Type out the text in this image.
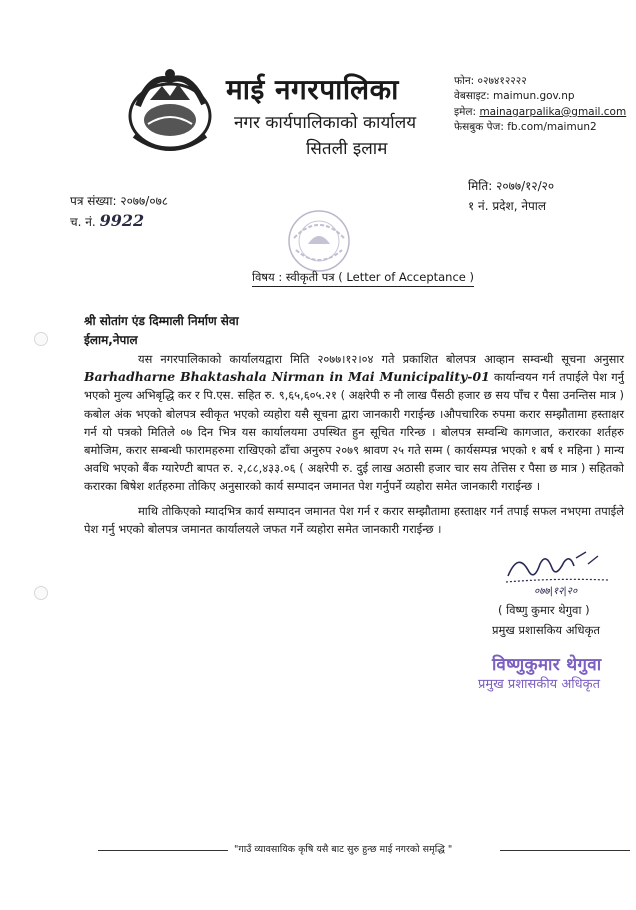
माई नगरपालिका
नगर कार्यपालिकाको कार्यालय
सितली इलाम
फोन: ०२७४१२२२२
वेबसाइट: maimun.gov.np
इमेल: mainagarpalika@gmail.com
फेसबुक पेज: fb.com/maimun2
पत्र संख्या: २०७७/०७८
च. नं. 9922
मिति: २०७७/१२/२०
१ नं. प्रदेश, नेपाल
विषय : स्वीकृती पत्र ( Letter of Acceptance )
श्री सोतांग एंड दिम्माली निर्माण सेवा
ईलाम,नेपाल

यस नगरपालिकाको कार्यालयद्वारा मिति २०७७।१२।०४ गते प्रकाशित बोलपत्र आव्हान सम्वन्धी सूचना अनुसार Barhadharne Bhaktashala Nirman in Mai Municipality-01 कार्यान्वयन गर्न तपाईले पेश गर्नु भएको मुल्य अभिबृद्धि कर र पि.एस. सहित रु. ९,६५,६०५.२१ ( अक्षरेपी रु नौ लाख पैंसठी हजार छ सय पाँच र पैसा उनन्तिस मात्र ) कबोल अंक भएको बोलपत्र स्वीकृत भएको व्यहोरा यसै सूचना द्वारा जानकारी गराईन्छ ।औपचारिक रुपमा करार सम्झौतामा हस्ताक्षर गर्न यो पत्रको मितिले ०७ दिन भित्र यस कार्यालयमा उपस्थित हुन सूचित गरिन्छ । बोलपत्र सम्वन्धि कागजात, करारका शर्तहरु बमोजिम, करार सम्बन्धी फारामहरुमा राखिएको ढाँचा अनुरुप २०७९ श्रावण २५ गते सम्म ( कार्यसम्पन्न भएको १ बर्ष १ महिना ) मान्य अवधि भएको बैंक ग्यारेण्टी बापत रु. २,८८,४३३.०६ ( अक्षरेपी रु. दुई लाख अठासी हजार चार सय तेत्तिस र पैसा छ मात्र ) सहितको करारका बिषेश शर्तहरुमा तोकिए अनुसारको कार्य सम्पादन जमानत पेश गर्नुपर्ने व्यहोरा समेत जानकारी गराईन्छ ।

माथि तोकिएको म्यादभित्र कार्य सम्पादन जमानत पेश गर्न र करार सम्झौतामा हस्ताक्षर गर्न तपाई सफल नभएमा तपाईले पेश गर्नु भएको बोलपत्र जमानत कार्यालयले जफत गर्ने व्यहोरा समेत जानकारी गराईन्छ ।

०७७|१२|२०
( विष्णु कुमार थेगुवा )
प्रमुख प्रशासकिय अधिकृत
विष्णुकुमार थेगुवा
प्रमुख प्रशासकीय अधिकृत
"गाउँ व्यावसायिक कृषि यसै बाट सुरु हुन्छ माई नगरको समृद्धि "
